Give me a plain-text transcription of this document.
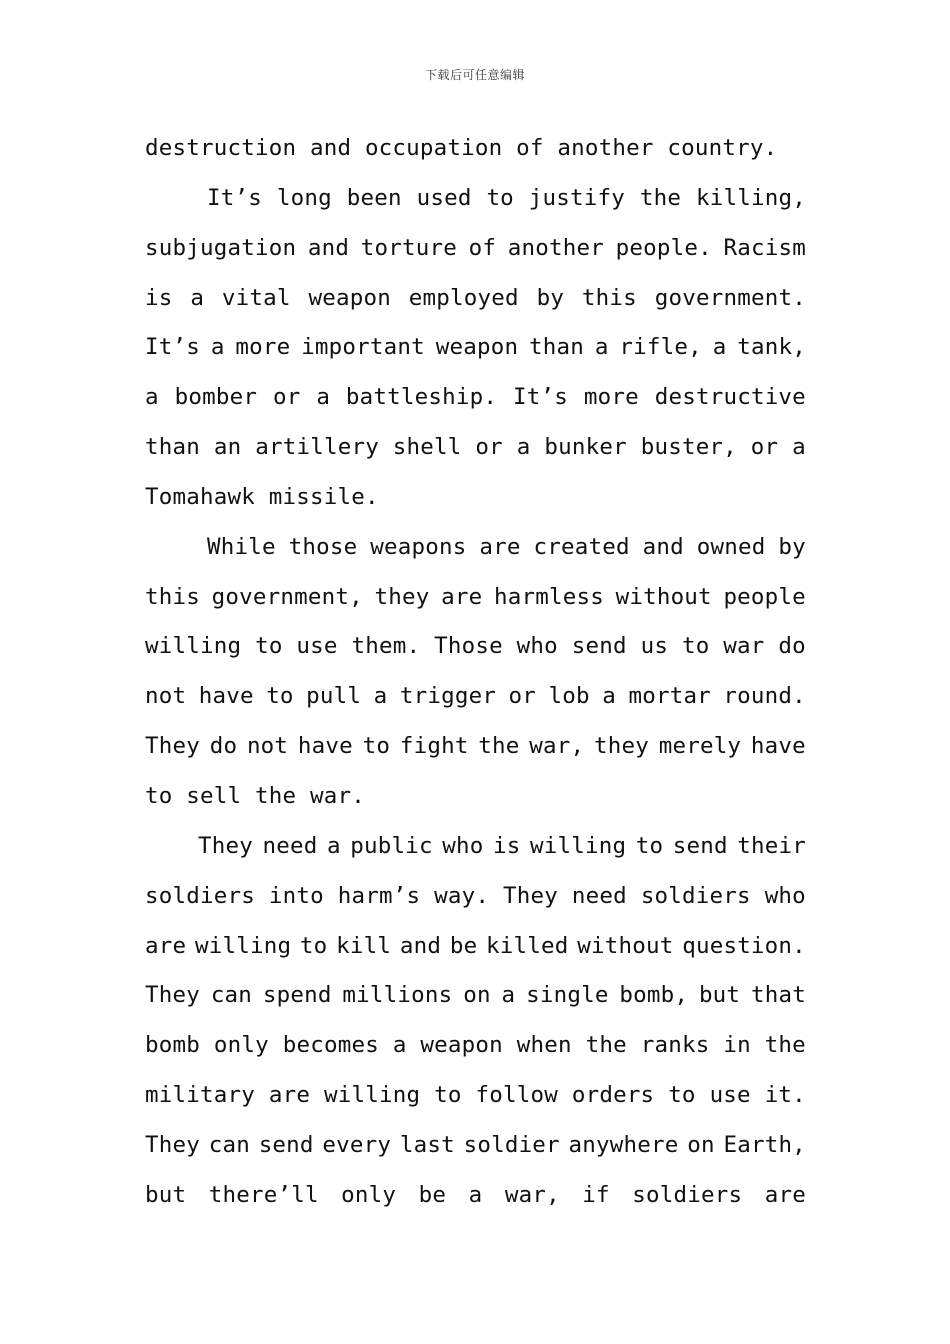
下载后可任意编辑
destruction and occupation of another country.
It’s long been used to justify the killing,
subjugation and torture of another people. Racism
is a vital weapon employed by this government.
It’s a more important weapon than a rifle, a tank,
a bomber or a battleship. It’s more destructive
than an artillery shell or a bunker buster, or a
Tomahawk missile.
While those weapons are created and owned by
this government, they are harmless without people
willing to use them. Those who send us to war do
not have to pull a trigger or lob a mortar round.
They do not have to fight the war, they merely have
to sell the war.
They need a public who is willing to send their
soldiers into harm’s way. They need soldiers who
are willing to kill and be killed without question.
They can spend millions on a single bomb, but that
bomb only becomes a weapon when the ranks in the
military are willing to follow orders to use it.
They can send every last soldier anywhere on Earth,
but there’ll only be a war, if soldiers are
